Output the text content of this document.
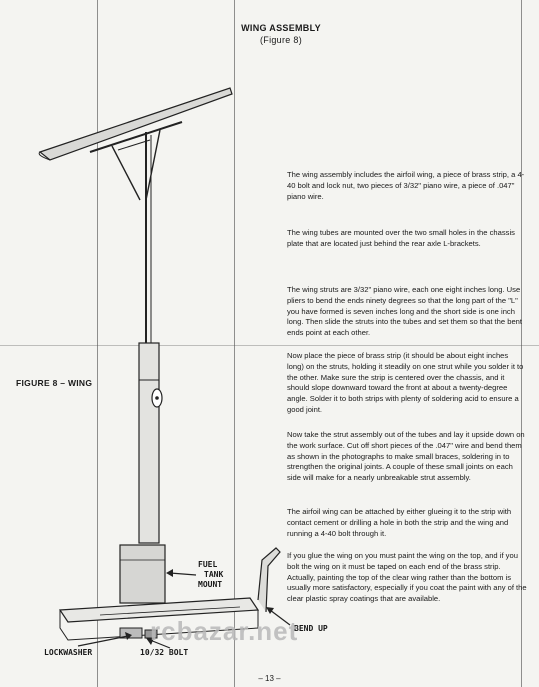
WING ASSEMBLY
(Figure 8)
FIGURE 8 – WING
FUEL
TANK
MOUNT
BEND UP
LOCKWASHER	10/32 BOLT
rcbazar.net

The wing assembly includes the airfoil wing, a piece of brass strip, a 4-40 bolt and lock nut, two pieces of 3/32" piano wire, a piece of .047" piano wire.

The wing tubes are mounted over the two small holes in the chassis plate that are located just behind the rear axle L-brackets.

The wing struts are 3/32" piano wire, each one eight inches long. Use pliers to bend the ends ninety degrees so that the long part of the "L" you have formed is seven inches long and the short side is one inch long. Then slide the struts into the tubes and set them so that the bent ends point at each other.

Now place the piece of brass strip (it should be about eight inches long) on the struts, holding it steadily on one strut while you solder it to the other. Make sure the strip is centered over the chassis, and it should slope downward toward the front at about a twenty-degree angle. Solder it to both strips with plenty of soldering acid to ensure a good joint.

Now take the strut assembly out of the tubes and lay it upside down on the work surface. Cut off short pieces of the .047" wire and bend them as shown in the photographs to make small braces, soldering in to strengthen the original joints. A couple of these small joints on each side will make for a nearly unbreakable strut assembly.

The airfoil wing can be attached by either glueing it to the strip with contact cement or drilling a hole in both the strip and the wing and running a 4-40 bolt through it.

If you glue the wing on you must paint the wing on the top, and if you bolt the wing on it must be taped on each end of the brass strip. Actually, painting the top of the clear wing rather than the bottom is usually more satisfactory, especially if you coat the paint with any of the clear plastic spray coatings that are available.

– 13 –
